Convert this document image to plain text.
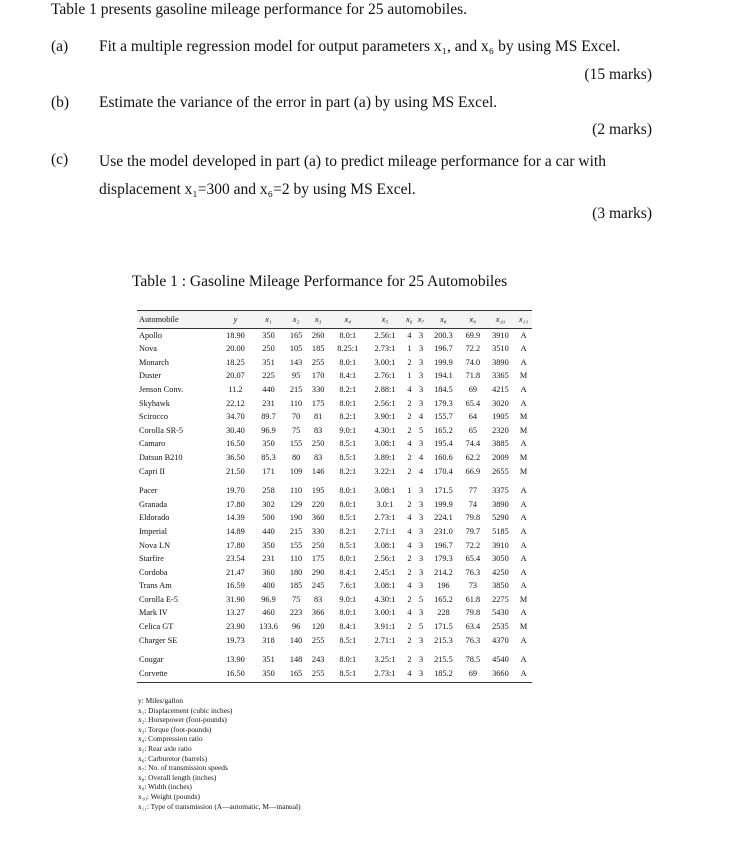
Table 1 presents gasoline mileage performance for 25 automobiles.
(a) Fit a multiple regression model for output parameters x₁, and x₆ by using MS Excel.
(15 marks)
(b) Estimate the variance of the error in part (a) by using MS Excel.
(2 marks)
(c) Use the model developed in part (a) to predict mileage performance for a car with displacement x₁=300 and x₆=2 by using MS Excel.
(3 marks)
Table 1 : Gasoline Mileage Performance for 25 Automobiles
Automobile	y	x₁	x₂	x₃	x₄	x₅	x₆	x₇	x₈	x₉	x₁₀	x₁₁
Apollo	18.90	350	165	260	8.0:1	2.56:1	4	3	200.3	69.9	3910	A
Nova	20.00	250	105	185	8.25:1	2.73:1	1	3	196.7	72.2	3510	A
Monarch	18.25	351	143	255	8.0:1	3.00:1	2	3	199.9	74.0	3890	A
Duster	20.07	225	95	170	8.4:1	2.76:1	1	3	194.1	71.8	3365	M
Jenson Conv.	11.2	440	215	330	8.2:1	2.88:1	4	3	184.5	69	4215	A
Skyhawk	22.12	231	110	175	8.0:1	2.56:1	2	3	179.3	65.4	3020	A
Scirocco	34.70	89.7	70	81	8.2:1	3.90:1	2	4	155.7	64	1905	M
Corolla SR-5	30.40	96.9	75	83	9.0:1	4.30:1	2	5	165.2	65	2320	M
Camaro	16.50	350	155	250	8.5:1	3.08:1	4	3	195.4	74.4	3885	A
Datsun B210	36.50	85.3	80	83	8.5:1	3.89:1	2	4	160.6	62.2	2009	M
Capri II	21.50	171	109	146	8.2:1	3.22:1	2	4	170.4	66.9	2655	M

Pacer	19.70	258	110	195	8.0:1	3.08:1	1	3	171.5	77	3375	A
Granada	17.80	302	129	220	8.0:1	3.0:1	2	3	199.9	74	3890	A
Eldorado	14.39	500	190	360	8.5:1	2.73:1	4	3	224.1	79.8	5290	A
Imperial	14.89	440	215	330	8.2:1	2.71:1	4	3	231.0	79.7	5185	A
Nova LN	17.80	350	155	250	8.5:1	3.08:1	4	3	196.7	72.2	3910	A
Starfire	23.54	231	110	175	8.0:1	2.56:1	2	3	179.3	65.4	3050	A
Cordoba	21.47	360	180	290	8.4:1	2.45:1	2	3	214.2	76.3	4250	A
Trans Am	16.59	400	185	245	7.6:1	3.08:1	4	3	196	73	3850	A
Corolla E-5	31.90	96.9	75	83	9.0:1	4.30:1	2	5	165.2	61.8	2275	M
Mark IV	13.27	460	223	366	8.0:1	3.00:1	4	3	228	79.8	5430	A
Celica GT	23.90	133.6	96	120	8.4:1	3.91:1	2	5	171.5	63.4	2535	M
Charger SE	19.73	318	140	255	8.5:1	2.71:1	2	3	215.3	76.3	4370	A

Cougar	13.90	351	148	243	8.0:1	3.25:1	2	3	215.5	78.5	4540	A
Corvette	16.50	350	165	255	8.5:1	2.73:1	4	3	185.2	69	3660	A
y: Miles/gallon
x₁: Displacement (cubic inches)
x₂: Horsepower (foot-pounds)
x₃: Torque (foot-pounds)
x₄: Compression ratio
x₅: Rear axle ratio
x₆: Carburetor (barrels)
x₇: No. of transmission speeds
x₈: Overall length (inches)
x₉: Width (inches)
x₁₀: Weight (pounds)
x₁₁: Type of transmission (A—automatic, M—manual)
